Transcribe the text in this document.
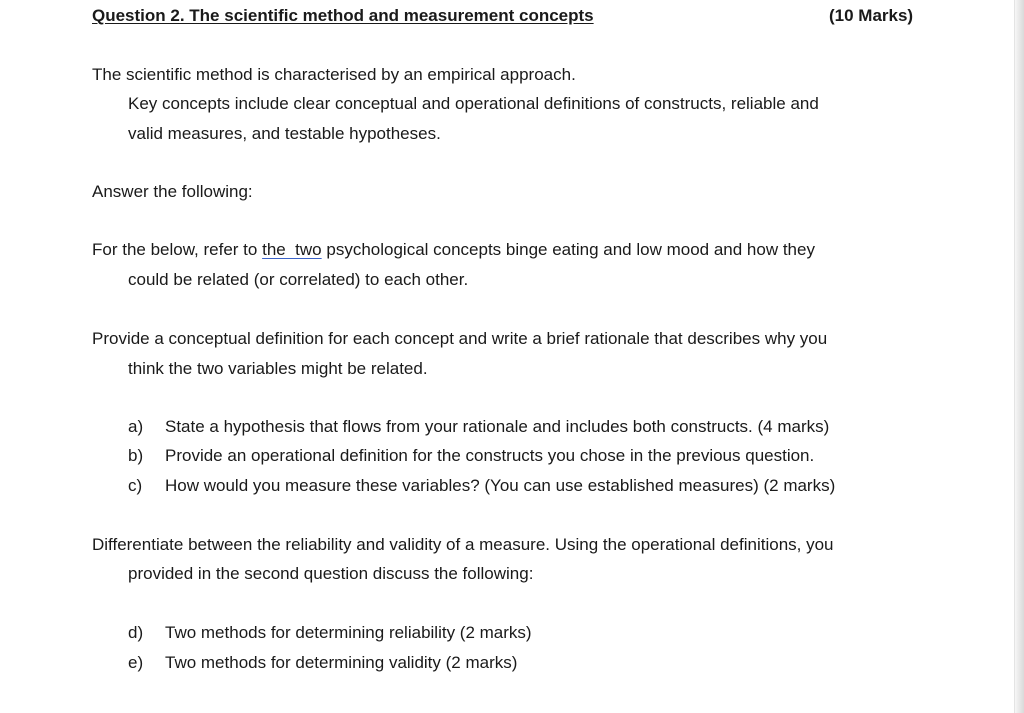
Question 2. The scientific method and measurement concepts	(10 Marks)
The scientific method is characterised by an empirical approach.
Key concepts include clear conceptual and operational definitions of constructs, reliable and
valid measures, and testable hypotheses.
Answer the following:
For the below, refer to the  two psychological concepts binge eating and low mood and how they
could be related (or correlated) to each other.
Provide a conceptual definition for each concept and write a brief rationale that describes why you
think the two variables might be related.
a) State a hypothesis that flows from your rationale and includes both constructs. (4 marks)
b) Provide an operational definition for the constructs you chose in the previous question.
c) How would you measure these variables? (You can use established measures) (2 marks)
Differentiate between the reliability and validity of a measure. Using the operational definitions, you
provided in the second question discuss the following:
d) Two methods for determining reliability (2 marks)
e) Two methods for determining validity (2 marks)
